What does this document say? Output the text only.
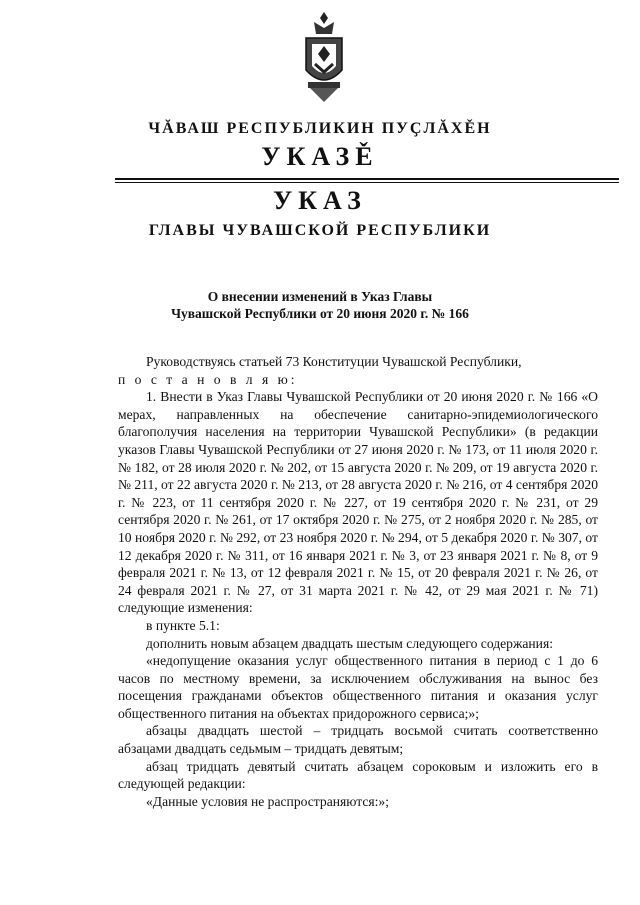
ЧĂВАШ РЕСПУБЛИКИН ПУҪЛĂХĚН
УКАЗĚ
УКАЗ
ГЛАВЫ ЧУВАШСКОЙ РЕСПУБЛИКИ
О внесении изменений в Указ Главы
Чувашской Республики от 20 июня 2020 г. № 166

Руководствуясь статьей 73 Конституции Чувашской Республики,

п о с т а н о в л я ю:

1. Внести в Указ Главы Чувашской Республики от 20 июня 2020 г. № 166 «О мерах, направленных на обеспечение санитарно-эпидемиологического благополучия населения на территории Чувашской Республики» (в редакции указов Главы Чувашской Республики от 27 июня 2020 г. № 173, от 11 июля 2020 г. № 182, от 28 июля 2020 г. № 202, от 15 августа 2020 г. № 209, от 19 августа 2020 г. № 211, от 22 августа 2020 г. № 213, от 28 августа 2020 г. № 216, от 4 сентября 2020 г. № 223, от 11 сентября 2020 г. № 227, от 19 сентября 2020 г. № 231, от 29 сентября 2020 г. № 261, от 17 октября 2020 г. № 275, от 2 ноября 2020 г. № 285, от 10 ноября 2020 г. № 292, от 23 ноября 2020 г. № 294, от 5 декабря 2020 г. № 307, от 12 декабря 2020 г. № 311, от 16 января 2021 г. № 3, от 23 января 2021 г. № 8, от 9 февраля 2021 г. № 13, от 12 февраля 2021 г. № 15, от 20 февраля 2021 г. № 26, от 24 февраля 2021 г. № 27, от 31 марта 2021 г. № 42, от 29 мая 2021 г. № 71) следующие изменения:

в пункте 5.1:

дополнить новым абзацем двадцать шестым следующего содержания:

«недопущение оказания услуг общественного питания в период с 1 до 6 часов по местному времени, за исключением обслуживания на вынос без посещения гражданами объектов общественного питания и оказания услуг общественного питания на объектах придорожного сервиса;»;

абзацы двадцать шестой – тридцать восьмой считать соответственно абзацами двадцать седьмым – тридцать девятым;

абзац тридцать девятый считать абзацем сороковым и изложить его в следующей редакции:

«Данные условия не распространяются:»;
